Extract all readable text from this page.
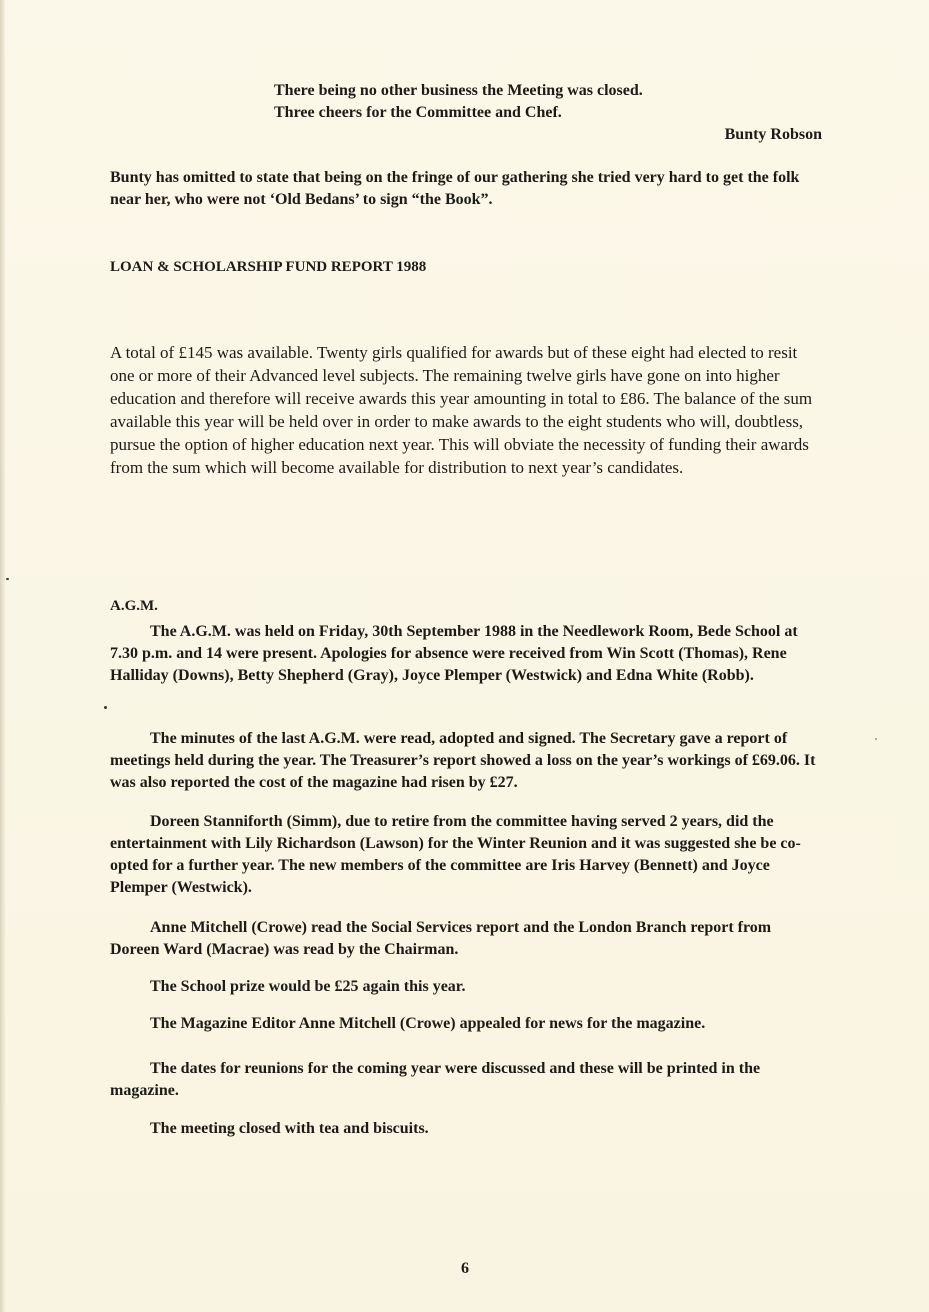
There being no other business the Meeting was closed.
Three cheers for the Committee and Chef.
Bunty Robson
Bunty has omitted to state that being on the fringe of our gathering she tried very hard to get the folk near her, who were not ‘Old Bedans’ to sign “the Book”.
LOAN & SCHOLARSHIP FUND REPORT 1988
A total of £145 was available. Twenty girls qualified for awards but of these eight had elected to resit one or more of their Advanced level subjects. The remaining twelve girls have gone on into higher education and therefore will receive awards this year amounting in total to £86. The balance of the sum available this year will be held over in order to make awards to the eight students who will, doubtless, pursue the option of higher education next year. This will obviate the necessity of funding their awards from the sum which will become available for distribution to next year’s candidates.
A.G.M.
The A.G.M. was held on Friday, 30th September 1988 in the Needlework Room, Bede School at 7.30 p.m. and 14 were present. Apologies for absence were received from Win Scott (Thomas), Rene Halliday (Downs), Betty Shepherd (Gray), Joyce Plemper (Westwick) and Edna White (Robb).
The minutes of the last A.G.M. were read, adopted and signed. The Secretary gave a report of meetings held during the year. The Treasurer’s report showed a loss on the year’s workings of £69.06. It was also reported the cost of the magazine had risen by £27.
Doreen Stanniforth (Simm), due to retire from the committee having served 2 years, did the entertainment with Lily Richardson (Lawson) for the Winter Reunion and it was suggested she be co-opted for a further year. The new members of the committee are Iris Harvey (Bennett) and Joyce Plemper (Westwick).
Anne Mitchell (Crowe) read the Social Services report and the London Branch report from Doreen Ward (Macrae) was read by the Chairman.
The School prize would be £25 again this year.
The Magazine Editor Anne Mitchell (Crowe) appealed for news for the magazine.
The dates for reunions for the coming year were discussed and these will be printed in the magazine.
The meeting closed with tea and biscuits.
6
